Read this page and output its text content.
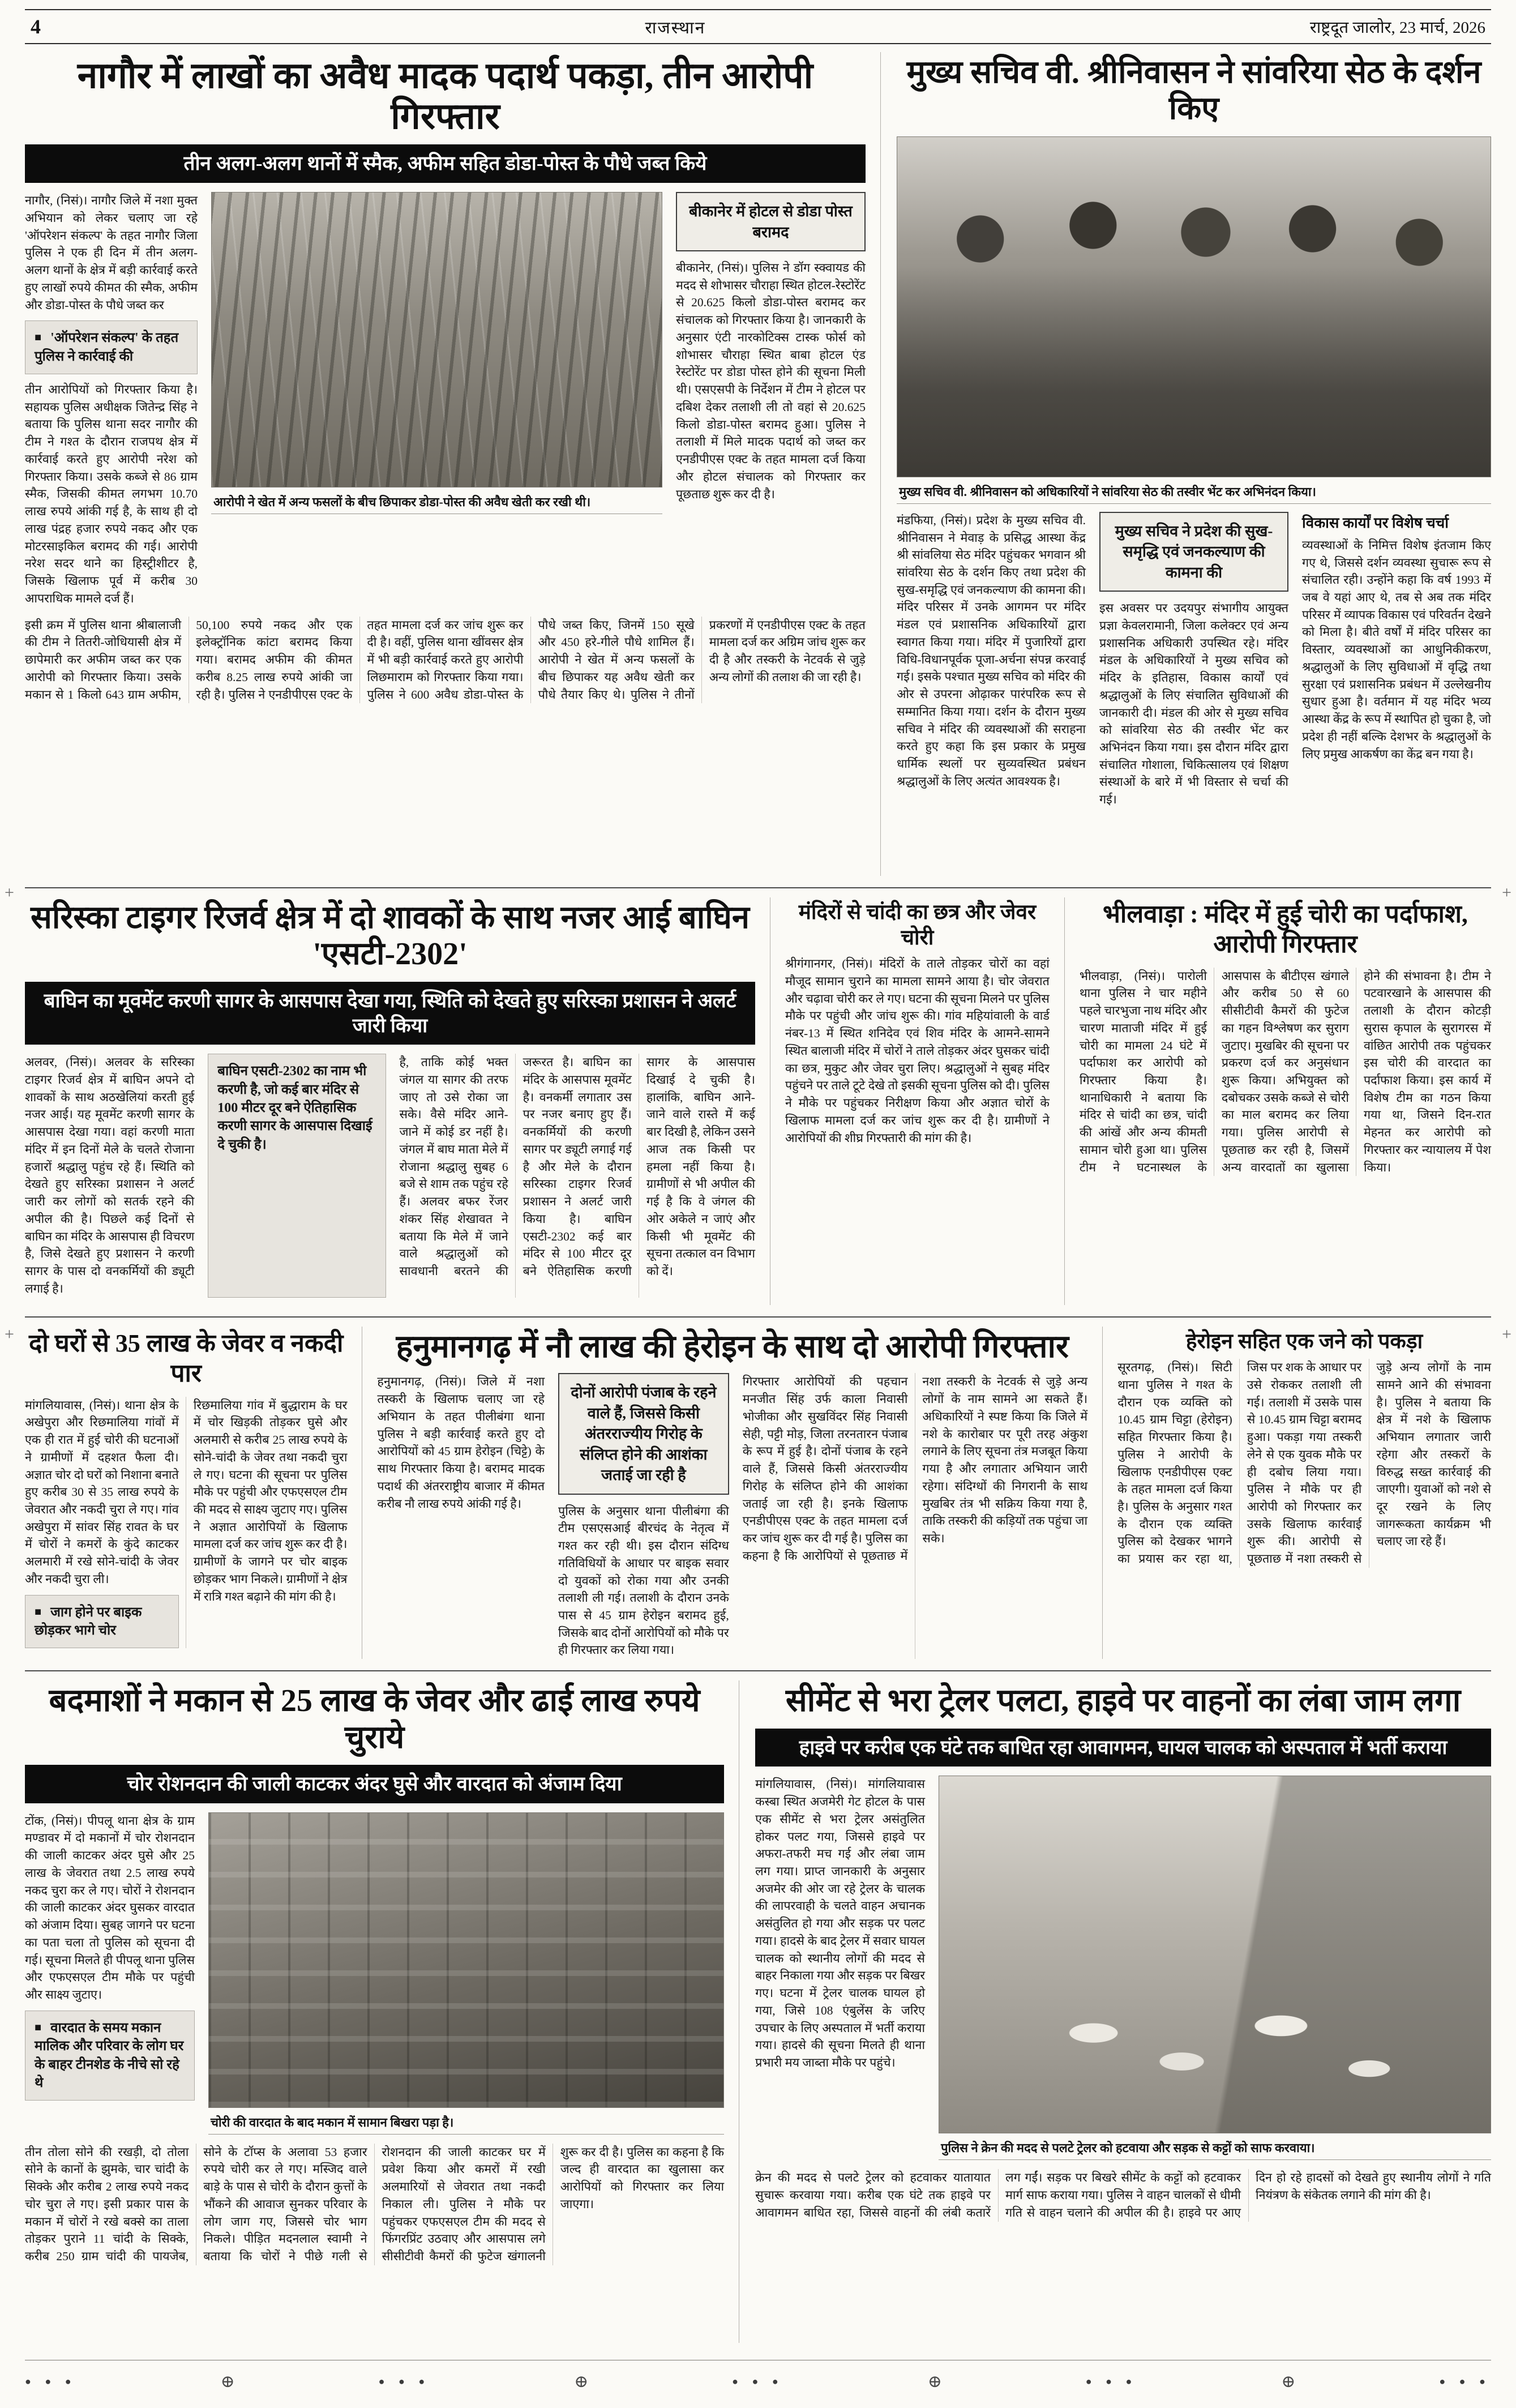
+	+
+	+
4	राजस्थान	राष्ट्रदूत जालोर, 23 मार्च, 2026
नागौर में लाखों का अवैध मादक पदार्थ पकड़ा, तीन आरोपी गिरफ्तार
तीन अलग-अलग थानों में स्मैक, अफीम सहित डोडा-पोस्त के पौधे जब्त किये

नागौर, (निसं)। नागौर जिले में नशा मुक्त अभियान को लेकर चलाए जा रहे 'ऑपरेशन संकल्प' के तहत नागौर जिला पुलिस ने एक ही दिन में तीन अलग-अलग थानों के क्षेत्र में बड़ी कार्रवाई करते हुए लाखों रुपये कीमत की स्मैक, अफीम और डोडा-पोस्त के पौधे जब्त कर

■ 'ऑपरेशन संकल्प' के तहत पुलिस ने कार्रवाई की

तीन आरोपियों को गिरफ्तार किया है। सहायक पुलिस अधीक्षक जितेन्द्र सिंह ने बताया कि पुलिस थाना सदर नागौर की टीम ने गश्त के दौरान राजपथ क्षेत्र में कार्रवाई करते हुए आरोपी नरेश को गिरफ्तार किया। उसके कब्जे से 86 ग्राम स्मैक, जिसकी कीमत लगभग 10.70 लाख रुपये आंकी गई है, के साथ ही दो लाख पंद्रह हजार रुपये नकद और एक मोटरसाइकिल बरामद की गई। आरोपी नरेश सदर थाने का हिस्ट्रीशीटर है, जिसके खिलाफ पूर्व में करीब 30 आपराधिक मामले दर्ज हैं।

आरोपी ने खेत में अन्य फसलों के बीच छिपाकर डोडा-पोस्त की अवैध खेती कर रखी थी।
बीकानेर में होटल से डोडा पोस्त बरामद

बीकानेर, (निसं)। पुलिस ने डॉग स्क्वायड की मदद से शोभासर चौराहा स्थित होटल-रेस्टोरेंट से 20.625 किलो डोडा-पोस्त बरामद कर संचालक को गिरफ्तार किया है। जानकारी के अनुसार एंटी नारकोटिक्स टास्क फोर्स को शोभासर चौराहा स्थित बाबा होटल एंड रेस्टोरेंट पर डोडा पोस्त होने की सूचना मिली थी। एसएसपी के निर्देशन में टीम ने होटल पर दबिश देकर तलाशी ली तो वहां से 20.625 किलो डोडा-पोस्त बरामद हुआ। पुलिस ने तलाशी में मिले मादक पदार्थ को जब्त कर एनडीपीएस एक्ट के तहत मामला दर्ज किया और होटल संचालक को गिरफ्तार कर पूछताछ शुरू कर दी है।

इसी क्रम में पुलिस थाना श्रीबालाजी की टीम ने तितरी-जोधियासी क्षेत्र में छापेमारी कर अफीम जब्त कर एक आरोपी को गिरफ्तार किया। उसके मकान से 1 किलो 643 ग्राम अफीम, 50,100 रुपये नकद और एक इलेक्ट्रॉनिक कांटा बरामद किया गया। बरामद अफीम की कीमत करीब 8.25 लाख रुपये आंकी जा रही है। पुलिस ने एनडीपीएस एक्ट के तहत मामला दर्ज कर जांच शुरू कर दी है। वहीं, पुलिस थाना खींवसर क्षेत्र में भी बड़ी कार्रवाई करते हुए आरोपी लिछमाराम को गिरफ्तार किया गया। पुलिस ने 600 अवैध डोडा-पोस्त के पौधे जब्त किए, जिनमें 150 सूखे और 450 हरे-गीले पौधे शामिल हैं। आरोपी ने खेत में अन्य फसलों के बीच छिपाकर यह अवैध खेती कर पौधे तैयार किए थे। पुलिस ने तीनों प्रकरणों में एनडीपीएस एक्ट के तहत मामला दर्ज कर अग्रिम जांच शुरू कर दी है और तस्करी के नेटवर्क से जुड़े अन्य लोगों की तलाश की जा रही है।

मुख्य सचिव वी. श्रीनिवासन ने सांवरिया सेठ के दर्शन किए
मुख्य सचिव वी. श्रीनिवासन को अधिकारियों ने सांवरिया सेठ की तस्वीर भेंट कर अभिनंदन किया।

मंडफिया, (निसं)। प्रदेश के मुख्य सचिव वी. श्रीनिवासन ने मेवाड़ के प्रसिद्ध आस्था केंद्र श्री सांवलिया सेठ मंदिर पहुंचकर भगवान श्री सांवरिया सेठ के दर्शन किए तथा प्रदेश की सुख-समृद्धि एवं जनकल्याण की कामना की। मंदिर परिसर में उनके आगमन पर मंदिर मंडल एवं प्रशासनिक अधिकारियों द्वारा स्वागत किया गया। मंदिर में पुजारियों द्वारा विधि-विधानपूर्वक पूजा-अर्चना संपन्न करवाई गई। इसके पश्चात मुख्य सचिव को मंदिर की ओर से उपरना ओढ़ाकर पारंपरिक रूप से सम्मानित किया गया। दर्शन के दौरान मुख्य सचिव ने मंदिर की व्यवस्थाओं की सराहना करते हुए कहा कि इस प्रकार के प्रमुख धार्मिक स्थलों पर सुव्यवस्थित प्रबंधन श्रद्धालुओं के लिए अत्यंत आवश्यक है।

मुख्य सचिव ने प्रदेश की सुख-समृद्धि एवं जनकल्याण की कामना की

इस अवसर पर उदयपुर संभागीय आयुक्त प्रज्ञा केवलरामानी, जिला कलेक्टर एवं अन्य प्रशासनिक अधिकारी उपस्थित रहे। मंदिर मंडल के अधिकारियों ने मुख्य सचिव को मंदिर के इतिहास, विकास कार्यों एवं श्रद्धालुओं के लिए संचालित सुविधाओं की जानकारी दी। मंडल की ओर से मुख्य सचिव को सांवरिया सेठ की तस्वीर भेंट कर अभिनंदन किया गया। इस दौरान मंदिर द्वारा संचालित गोशाला, चिकित्सालय एवं शिक्षण संस्थाओं के बारे में भी विस्तार से चर्चा की गई।

विकास कार्यों पर विशेष चर्चा

व्यवस्थाओं के निमित्त विशेष इंतजाम किए गए थे, जिससे दर्शन व्यवस्था सुचारू रूप से संचालित रही। उन्होंने कहा कि वर्ष 1993 में जब वे यहां आए थे, तब से अब तक मंदिर परिसर में व्यापक विकास एवं परिवर्तन देखने को मिला है। बीते वर्षों में मंदिर परिसर का विस्तार, व्यवस्थाओं का आधुनिकीकरण, श्रद्धालुओं के लिए सुविधाओं में वृद्धि तथा सुरक्षा एवं प्रशासनिक प्रबंधन में उल्लेखनीय सुधार हुआ है। वर्तमान में यह मंदिर भव्य आस्था केंद्र के रूप में स्थापित हो चुका है, जो प्रदेश ही नहीं बल्कि देशभर के श्रद्धालुओं के लिए प्रमुख आकर्षण का केंद्र बन गया है।

सरिस्का टाइगर रिजर्व क्षेत्र में दो शावकों के साथ नजर आई बाघिन 'एसटी-2302'
बाघिन का मूवमेंट करणी सागर के आसपास देखा गया, स्थिति को देखते हुए सरिस्का प्रशासन ने अलर्ट जारी किया

अलवर, (निसं)। अलवर के सरिस्का टाइगर रिजर्व क्षेत्र में बाघिन अपने दो शावकों के साथ अठखेलियां करती हुई नजर आई। यह मूवमेंट करणी सागर के आसपास देखा गया। वहां करणी माता मंदिर में इन दिनों मेले के चलते रोजाना हजारों श्रद्धालु पहुंच रहे हैं। स्थिति को देखते हुए सरिस्का प्रशासन ने अलर्ट जारी कर लोगों को सतर्क रहने की अपील की है। पिछले कई दिनों से बाघिन का मंदिर के आसपास ही विचरण है, जिसे देखते हुए प्रशासन ने करणी सागर के पास दो वनकर्मियों की ड्यूटी लगाई है।

बाघिन एसटी-2302 का नाम भी करणी है, जो कई बार मंदिर से 100 मीटर दूर बने ऐतिहासिक करणी सागर के आसपास दिखाई दे चुकी है।

है, ताकि कोई भक्त जंगल या सागर की तरफ जाए तो उसे रोका जा सके। वैसे मंदिर आने-जाने में कोई डर नहीं है। जंगल में बाघ माता मेले में रोजाना श्रद्धालु सुबह 6 बजे से शाम तक पहुंच रहे हैं। अलवर बफर रेंजर शंकर सिंह शेखावत ने बताया कि मेले में जाने वाले श्रद्धालुओं को सावधानी बरतने की जरूरत है। बाघिन का मंदिर के आसपास मूवमेंट है। वनकर्मी लगातार उस पर नजर बनाए हुए हैं। वनकर्मियों की करणी सागर पर ड्यूटी लगाई गई है और मेले के दौरान सरिस्का टाइगर रिजर्व प्रशासन ने अलर्ट जारी किया है। बाघिन एसटी-2302 कई बार मंदिर से 100 मीटर दूर बने ऐतिहासिक करणी सागर के आसपास दिखाई दे चुकी है। हालांकि, बाघिन आने-जाने वाले रास्ते में कई बार दिखी है, लेकिन उसने आज तक किसी पर हमला नहीं किया है। ग्रामीणों से भी अपील की गई है कि वे जंगल की ओर अकेले न जाएं और किसी भी मूवमेंट की सूचना तत्काल वन विभाग को दें।

मंदिरों से चांदी का छत्र और जेवर चोरी

श्रीगंगानगर, (निसं)। मंदिरों के ताले तोड़कर चोरों का वहां मौजूद सामान चुराने का मामला सामने आया है। चोर जेवरात और चढ़ावा चोरी कर ले गए। घटना की सूचना मिलने पर पुलिस मौके पर पहुंची और जांच शुरू की। गांव महियांवाली के वार्ड नंबर-13 में स्थित शनिदेव एवं शिव मंदिर के आमने-सामने स्थित बालाजी मंदिर में चोरों ने ताले तोड़कर अंदर घुसकर चांदी का छत्र, मुकुट और जेवर चुरा लिए। श्रद्धालुओं ने सुबह मंदिर पहुंचने पर ताले टूटे देखे तो इसकी सूचना पुलिस को दी। पुलिस ने मौके पर पहुंचकर निरीक्षण किया और अज्ञात चोरों के खिलाफ मामला दर्ज कर जांच शुरू कर दी है। ग्रामीणों ने आरोपियों की शीघ्र गिरफ्तारी की मांग की है।

भीलवाड़ा : मंदिर में हुई चोरी का पर्दाफाश, आरोपी गिरफ्तार

भीलवाड़ा, (निसं)। पारोली थाना पुलिस ने चार महीने पहले चारभुजा नाथ मंदिर और चारण माताजी मंदिर में हुई चोरी का मामला 24 घंटे में पर्दाफाश कर आरोपी को गिरफ्तार किया है। थानाधिकारी ने बताया कि मंदिर से चांदी का छत्र, चांदी की आंखें और अन्य कीमती सामान चोरी हुआ था। पुलिस टीम ने घटनास्थल के आसपास के बीटीएस खंगाले और करीब 50 से 60 सीसीटीवी कैमरों की फुटेज का गहन विश्लेषण कर सुराग जुटाए। मुखबिर की सूचना पर प्रकरण दर्ज कर अनुसंधान शुरू किया। अभियुक्त को दबोचकर उसके कब्जे से चोरी का माल बरामद कर लिया गया। पुलिस आरोपी से पूछताछ कर रही है, जिसमें अन्य वारदातों का खुलासा होने की संभावना है। टीम ने पटवारखाने के आसपास की तलाशी के दौरान कोटड़ी सुरास कृपाल के सुरागरस में वांछित आरोपी तक पहुंचकर इस चोरी की वारदात का पर्दाफाश किया। इस कार्य में विशेष टीम का गठन किया गया था, जिसने दिन-रात मेहनत कर आरोपी को गिरफ्तार कर न्यायालय में पेश किया।

दो घरों से 35 लाख के जेवर व नकदी पार

मांगलियावास, (निसं)। थाना क्षेत्र के अखेपुरा और रिछमालिया गांवों में एक ही रात में हुई चोरी की घटनाओं ने ग्रामीणों में दहशत फैला दी। अज्ञात चोर दो घरों को निशाना बनाते हुए करीब 30 से 35 लाख रुपये के जेवरात और नकदी चुरा ले गए। गांव अखेपुरा में सांवर सिंह रावत के घर में चोरों ने कमरों के कुंदे काटकर अलमारी में रखे सोने-चांदी के जेवर और नकदी चुरा ली।

■ जाग होने पर बाइक छोड़कर भागे चोर

रिछमालिया गांव में बुद्धाराम के घर में चोर खिड़की तोड़कर घुसे और अलमारी से करीब 25 लाख रुपये के सोने-चांदी के जेवर तथा नकदी चुरा ले गए। घटना की सूचना पर पुलिस मौके पर पहुंची और एफएसएल टीम की मदद से साक्ष्य जुटाए गए। पुलिस ने अज्ञात आरोपियों के खिलाफ मामला दर्ज कर जांच शुरू कर दी है। ग्रामीणों के जागने पर चोर बाइक छोड़कर भाग निकले। ग्रामीणों ने क्षेत्र में रात्रि गश्त बढ़ाने की मांग की है।

हनुमानगढ़ में नौ लाख की हेरोइन के साथ दो आरोपी गिरफ्तार

हनुमानगढ़, (निसं)। जिले में नशा तस्करी के खिलाफ चलाए जा रहे अभियान के तहत पीलीबंगा थाना पुलिस ने बड़ी कार्रवाई करते हुए दो आरोपियों को 45 ग्राम हेरोइन (चिट्टे) के साथ गिरफ्तार किया है। बरामद मादक पदार्थ की अंतरराष्ट्रीय बाजार में कीमत करीब नौ लाख रुपये आंकी गई है।

दोनों आरोपी पंजाब के रहने वाले हैं, जिससे किसी अंतरराज्यीय गिरोह के संलिप्त होने की आशंका जताई जा रही है

पुलिस के अनुसार थाना पीलीबंगा की टीम एसएसआई बीरचंद के नेतृत्व में गश्त कर रही थी। इस दौरान संदिग्ध गतिविधियों के आधार पर बाइक सवार दो युवकों को रोका गया और उनकी तलाशी ली गई। तलाशी के दौरान उनके पास से 45 ग्राम हेरोइन बरामद हुई, जिसके बाद दोनों आरोपियों को मौके पर ही गिरफ्तार कर लिया गया।

गिरफ्तार आरोपियों की पहचान मनजीत सिंह उर्फ काला निवासी भोजीका और सुखविंदर सिंह निवासी सेही, पट्टी मोड़, जिला तरनतारन पंजाब के रूप में हुई है। दोनों पंजाब के रहने वाले हैं, जिससे किसी अंतरराज्यीय गिरोह के संलिप्त होने की आशंका जताई जा रही है। इनके खिलाफ एनडीपीएस एक्ट के तहत मामला दर्ज कर जांच शुरू कर दी गई है। पुलिस का कहना है कि आरोपियों से पूछताछ में नशा तस्करी के नेटवर्क से जुड़े अन्य लोगों के नाम सामने आ सकते हैं। अधिकारियों ने स्पष्ट किया कि जिले में नशे के कारोबार पर पूरी तरह अंकुश लगाने के लिए सूचना तंत्र मजबूत किया गया है और लगातार अभियान जारी रहेगा। संदिग्धों की निगरानी के साथ मुखबिर तंत्र भी सक्रिय किया गया है, ताकि तस्करी की कड़ियों तक पहुंचा जा सके।

हेरोइन सहित एक जने को पकड़ा

सूरतगढ़, (निसं)। सिटी थाना पुलिस ने गश्त के दौरान एक व्यक्ति को 10.45 ग्राम चिट्टा (हेरोइन) सहित गिरफ्तार किया है। पुलिस ने आरोपी के खिलाफ एनडीपीएस एक्ट के तहत मामला दर्ज किया है। पुलिस के अनुसार गश्त के दौरान एक व्यक्ति पुलिस को देखकर भागने का प्रयास कर रहा था, जिस पर शक के आधार पर उसे रोककर तलाशी ली गई। तलाशी में उसके पास से 10.45 ग्राम चिट्टा बरामद हुआ। पकड़ा गया तस्करी लेने से एक युवक मौके पर ही दबोच लिया गया। पुलिस ने मौके पर ही आरोपी को गिरफ्तार कर उसके खिलाफ कार्रवाई शुरू की। आरोपी से पूछताछ में नशा तस्करी से जुड़े अन्य लोगों के नाम सामने आने की संभावना है। पुलिस ने बताया कि क्षेत्र में नशे के खिलाफ अभियान लगातार जारी रहेगा और तस्करों के विरुद्ध सख्त कार्रवाई की जाएगी। युवाओं को नशे से दूर रखने के लिए जागरूकता कार्यक्रम भी चलाए जा रहे हैं।

बदमाशों ने मकान से 25 लाख के जेवर और ढाई लाख रुपये चुराये
चोर रोशनदान की जाली काटकर अंदर घुसे और वारदात को अंजाम दिया

टोंक, (निसं)। पीपलू थाना क्षेत्र के ग्राम मण्डावर में दो मकानों में चोर रोशनदान की जाली काटकर अंदर घुसे और 25 लाख के जेवरात तथा 2.5 लाख रुपये नकद चुरा कर ले गए। चोरों ने रोशनदान की जाली काटकर अंदर घुसकर वारदात को अंजाम दिया। सुबह जागने पर घटना का पता चला तो पुलिस को सूचना दी गई। सूचना मिलते ही पीपलू थाना पुलिस और एफएसएल टीम मौके पर पहुंची और साक्ष्य जुटाए।

■ वारदात के समय मकान मालिक और परिवार के लोग घर के बाहर टीनशेड के नीचे सो रहे थे
चोरी की वारदात के बाद मकान में सामान बिखरा पड़ा है।

तीन तोला सोने की रखड़ी, दो तोला सोने के कानों के झुमके, चार चांदी के सिक्के और करीब 2 लाख रुपये नकद चोर चुरा ले गए। इसी प्रकार पास के मकान में चोरों ने रखे बक्से का ताला तोड़कर पुराने 11 चांदी के सिक्के, करीब 250 ग्राम चांदी की पायजेब, सोने के टॉप्स के अलावा 53 हजार रुपये चोरी कर ले गए। मस्जिद वाले बाड़े के पास से चोरी के दौरान कुत्तों के भौंकने की आवाज सुनकर परिवार के लोग जाग गए, जिससे चोर भाग निकले। पीड़ित मदनलाल स्वामी ने बताया कि चोरों ने पीछे गली से रोशनदान की जाली काटकर घर में प्रवेश किया और कमरों में रखी अलमारियों से जेवरात तथा नकदी निकाल ली। पुलिस ने मौके पर पहुंचकर एफएसएल टीम की मदद से फिंगरप्रिंट उठवाए और आसपास लगे सीसीटीवी कैमरों की फुटेज खंगालनी शुरू कर दी है। पुलिस का कहना है कि जल्द ही वारदात का खुलासा कर आरोपियों को गिरफ्तार कर लिया जाएगा।

सीमेंट से भरा ट्रेलर पलटा, हाइवे पर वाहनों का लंबा जाम लगा
हाइवे पर करीब एक घंटे तक बाधित रहा आवागमन, घायल चालक को अस्पताल में भर्ती कराया

मांगलियावास, (निसं)। मांगलियावास कस्बा स्थित अजमेरी गेट होटल के पास एक सीमेंट से भरा ट्रेलर असंतुलित होकर पलट गया, जिससे हाइवे पर अफरा-तफरी मच गई और लंबा जाम लग गया। प्राप्त जानकारी के अनुसार अजमेर की ओर जा रहे ट्रेलर के चालक की लापरवाही के चलते वाहन अचानक असंतुलित हो गया और सड़क पर पलट गया। हादसे के बाद ट्रेलर में सवार घायल चालक को स्थानीय लोगों की मदद से बाहर निकाला गया और सड़क पर बिखर गए। घटना में ट्रेलर चालक घायल हो गया, जिसे 108 एंबुलेंस के जरिए उपचार के लिए अस्पताल में भर्ती कराया गया। हादसे की सूचना मिलते ही थाना प्रभारी मय जाब्ता मौके पर पहुंचे।

पुलिस ने क्रेन की मदद से पलटे ट्रेलर को हटवाया और सड़क से कट्टों को साफ करवाया।

क्रेन की मदद से पलटे ट्रेलर को हटवाकर यातायात सुचारू करवाया गया। करीब एक घंटे तक हाइवे पर आवागमन बाधित रहा, जिससे वाहनों की लंबी कतारें लग गईं। सड़क पर बिखरे सीमेंट के कट्टों को हटवाकर मार्ग साफ कराया गया। पुलिस ने वाहन चालकों से धीमी गति से वाहन चलाने की अपील की है। हाइवे पर आए दिन हो रहे हादसों को देखते हुए स्थानीय लोगों ने गति नियंत्रण के संकेतक लगाने की मांग की है।

● ● ●	⊕	● ● ●	⊕	● ● ●	⊕	● ● ●	⊕	● ● ●
